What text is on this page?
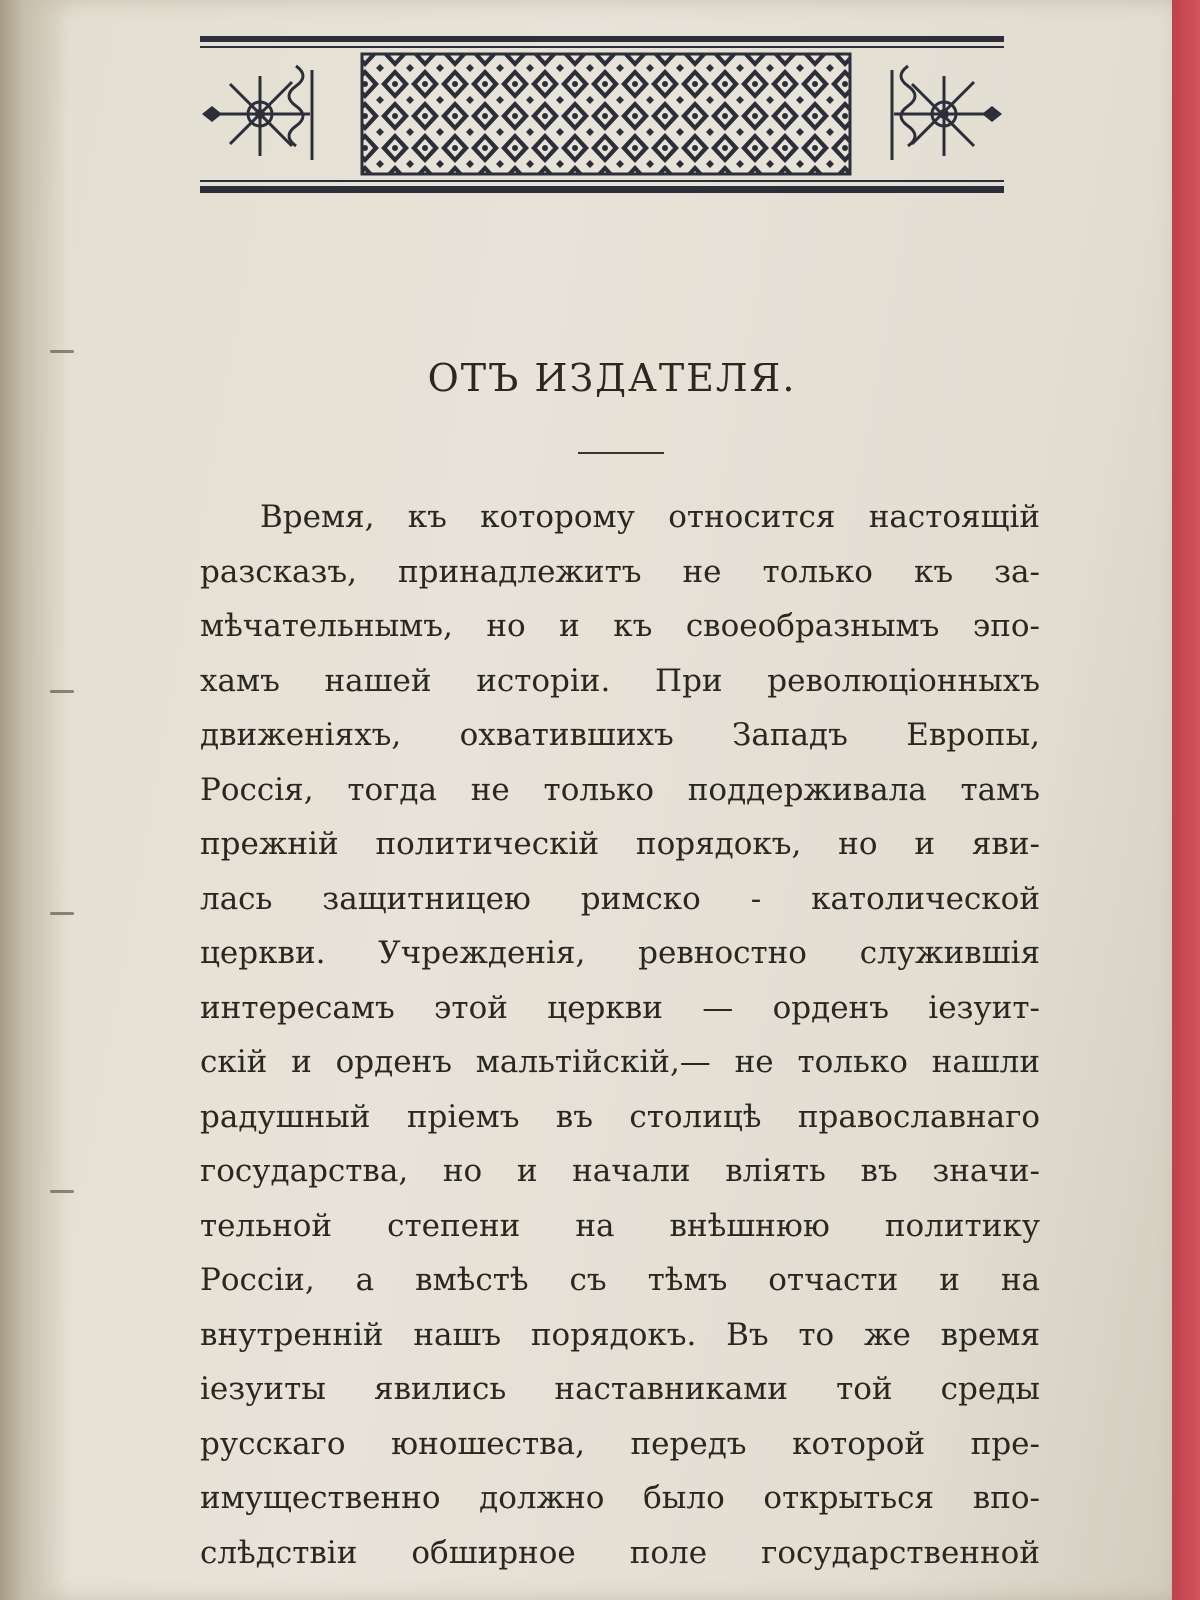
ОТЪ ИЗДАТЕЛЯ.
Время, къ которому относится настоящій
разсказъ, принадлежитъ не только къ за-
мѣчательнымъ, но и къ своеобразнымъ эпо-
хамъ нашей исторіи. При революціонныхъ
движеніяхъ, охватившихъ Западъ Европы,
Россія, тогда не только поддерживала тамъ
прежній политическій порядокъ, но и яви-
лась защитницею римско - католической
церкви. Учрежденія, ревностно служившія
интересамъ этой церкви — орденъ іезуит-
скій и орденъ мальтійскій,— не только нашли
радушный пріемъ въ столицѣ православнаго
государства, но и начали вліять въ значи-
тельной степени на внѣшнюю политику
Россіи, а вмѣстѣ съ тѣмъ отчасти и на
внутренній нашъ порядокъ. Въ то же время
іезуиты явились наставниками той среды
русскаго юношества, передъ которой пре-
имущественно должно было открыться впо-
слѣдствіи обширное поле государственной
